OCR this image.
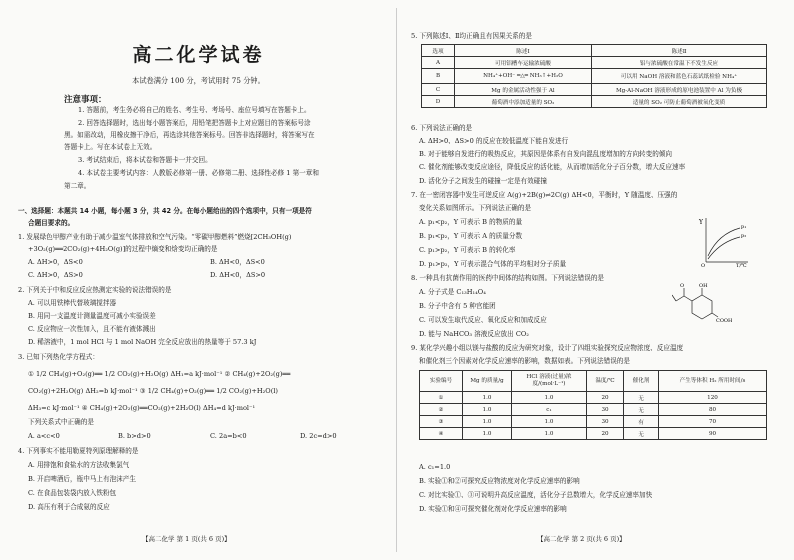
高二化学试卷
本试卷满分 100 分，考试用时 75 分钟。
注意事项：
1. 答题前，考生务必将自己的姓名、考生号、考场号、座位号填写在答题卡上。
2. 回答选择题时，选出每小题答案后，用铅笔把答题卡上对应题目的答案标号涂
黑。如需改动，用橡皮擦干净后，再选涂其他答案标号。回答非选择题时，将答案写在
答题卡上。写在本试卷上无效。
3. 考试结束后，将本试卷和答题卡一并交回。
4. 本试卷主要考试内容：人教版必修第一册、必修第二册、选择性必修 1 第一章和
第二章。
一、选择题：本题共 14 小题，每小题 3 分，共 42 分。在每小题给出的四个选项中，只有一项是符
合题目要求的。
1. 发展绿色甲醇产业有助于减少温室气体排放和空气污染。“零碳甲醇燃料”燃烧[2CH₃OH(g)
+3O₂(g)══2CO₂(g)+4H₂O(g)]的过程中熵变和焓变均正确的是
A. ΔH>0，ΔS<0	B. ΔH<0，ΔS<0
C. ΔH>0，ΔS>0	D. ΔH<0，ΔS>0
2. 下列关于中和反应反应热测定实验的说法错误的是
A. 可以用铁棒代替玻璃搅拌器
B. 用同一支温度计测量温度可减小实验误差
C. 反应物应一次性加入，且不能有液体溅出
D. 稀溶液中，1 mol HCl 与 1 mol NaOH 完全反应放出的热量等于 57.3 kJ
3. 已知下列热化学方程式：
① 1/2 CH₄(g)+O₂(g)══ 1/2 CO₂(g)+H₂O(g) ΔH₁=a kJ·mol⁻¹ ② CH₄(g)+2O₂(g)══
CO₂(g)+2H₂O(g) ΔH₂=b kJ·mol⁻¹ ③ 1/2 CH₄(g)+O₂(g)══ 1/2 CO₂(g)+H₂O(l)
ΔH₃=c kJ·mol⁻¹ ④ CH₄(g)+2O₂(g)══CO₂(g)+2H₂O(l) ΔH₄=d kJ·mol⁻¹
下列关系式中正确的是
A. a<c<0	B. b>d>0	C. 2a=b<0	D. 2c=d>0
4. 下列事实不能用勒夏特列原理解释的是
A. 用排饱和食盐水的方法收集氯气
B. 开启啤酒后，瓶中马上有泡沫产生
C. 在食品包装袋内放入铁粉包
D. 高压有利于合成氨的反应
【高二化学 第 1 页(共 6 页)】
5. 下列陈述Ⅰ、Ⅱ均正确且有因果关系的是
选项	陈述Ⅰ	陈述Ⅱ
A	可用铝槽车运输浓硫酸	铝与浓硫酸在常温下不发生反应
B	NH₄⁺+OH⁻ ═△═ NH₃↑+H₂O	可以用 NaOH 溶液和蓝色石蕊试纸检验 NH₄⁺
C	Mg 的金属活动性强于 Al	Mg-Al-NaOH 溶液形成的原电池装置中 Al 为负极
D	葡萄酒中添加适量的 SO₂	适量的 SO₂ 可防止葡萄酒被氧化变质
6. 下列说法正确的是
A. ΔH>0、ΔS>0 的反应在较低温度下能自发进行
B. 对于能够自发进行的吸热反应，其原因是体系有自发向混乱度增加的方向转变的倾向
C. 催化剂能够改变反应途径，降低反应的活化能，从而增加活化分子百分数，增大反应速率
D. 活化分子之间发生的碰撞一定是有效碰撞
7. 在一密闭容器中发生可逆反应 A(g)+2B(g)⇌2C(g) ΔH<0，平衡时，Y 随温度、压强的
变化关系如图所示。下列说法正确的是
A. p₁<p₂，Y 可表示 B 的物质的量
B. p₁<p₂，Y 可表示 A 的质量分数
C. p₁>p₂，Y 可表示 B 的转化率
D. p₁>p₂，Y 可表示混合气体的平均相对分子质量
8. 一种具有抗菌作用的医药中间体的结构如图。下列说法错误的是
A. 分子式是 C₁₃H₁₄O₄
B. 分子中含有 5 种官能团
C. 可以发生取代反应、氧化反应和加成反应
D. 能与 NaHCO₃ 溶液反应放出 CO₂
9. 某化学兴趣小组以镁与盐酸的反应为研究对象，设计了四组实验探究反应物浓度、反应温度
和催化剂三个因素对化学反应速率的影响，数据如表。下列说法错误的是
实验编号	Mg 的质量/g	HCl 溶液(过量)浓度/(mol·L⁻¹)	温度/℃	催化剂	产生等体积 H₂ 所用时间/s
①	1.0	1.0	20	无	120
②	1.0	c₁	30	无	80
③	1.0	1.0	30	有	70
④	1.0	1.0	20	无	90
A. c₁=1.0
B. 实验①和②可探究反应物浓度对化学反应速率的影响
C. 对比实验①、③可说明升高反应温度，活化分子总数增大，化学反应速率加快
D. 实验①和④可探究催化剂对化学反应速率的影响
【高二化学 第 2 页(共 6 页)】
Y
O	T/℃
p₁
p₂
O	OH
COOH
